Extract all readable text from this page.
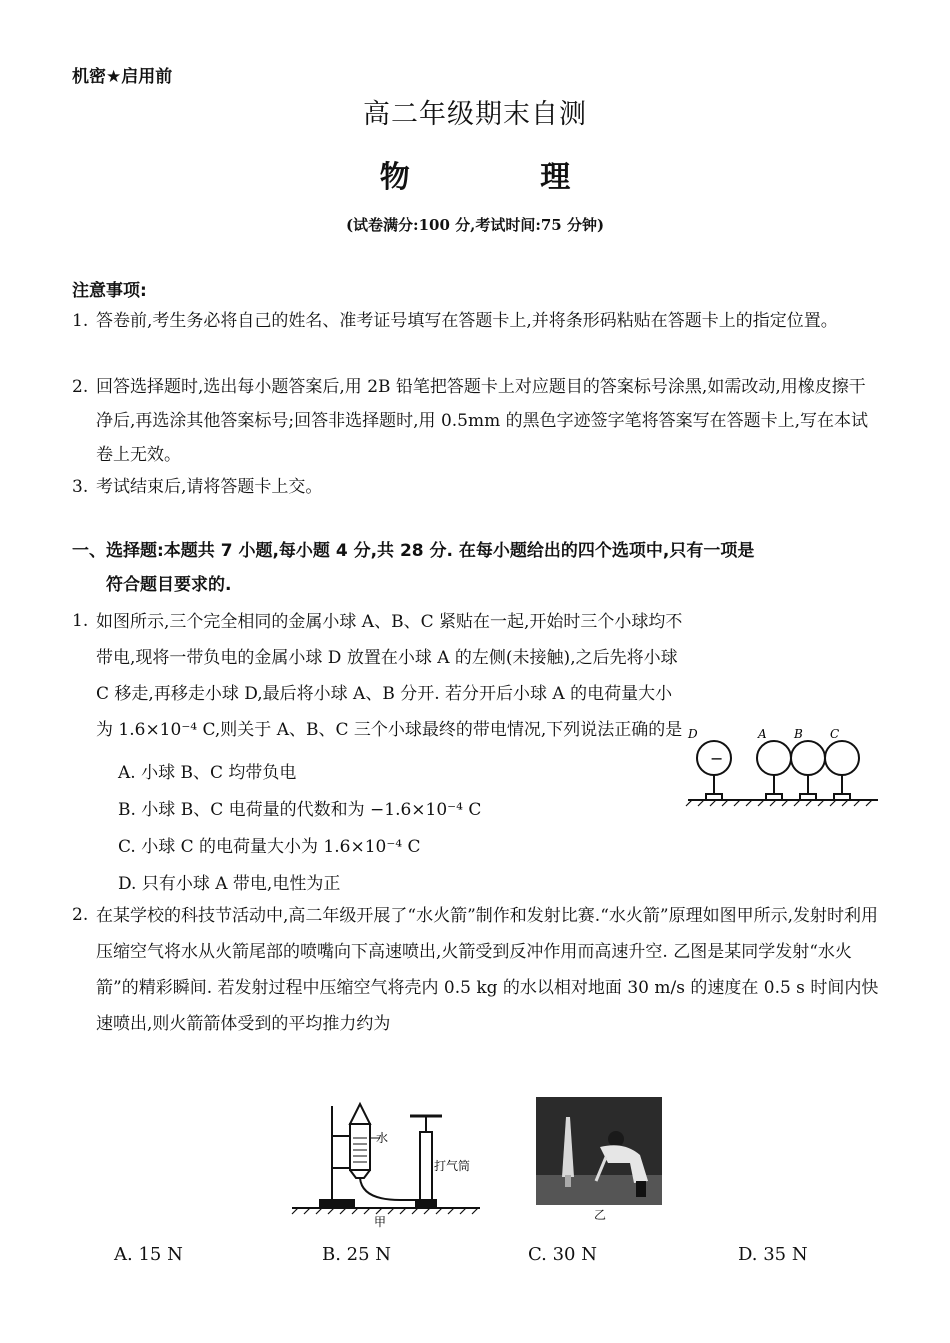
机密★启用前
高二年级期末自测
物 理
(试卷满分:100 分,考试时间:75 分钟)
注意事项:
1. 答卷前,考生务必将自己的姓名、准考证号填写在答题卡上,并将条形码粘贴在答题卡上的指定位置。
2. 回答选择题时,选出每小题答案后,用 2B 铅笔把答题卡上对应题目的答案标号涂黑,如需改动,用橡皮擦干净后,再选涂其他答案标号;回答非选择题时,用 0.5mm 的黑色字迹签字笔将答案写在答题卡上,写在本试卷上无效。
3. 考试结束后,请将答题卡上交。
一、选择题:本题共 7 小题,每小题 4 分,共 28 分. 在每小题给出的四个选项中,只有一项是
符合题目要求的.
1. 如图所示,三个完全相同的金属小球 A、B、C 紧贴在一起,开始时三个小球均不带电,现将一带负电的金属小球 D 放置在小球 A 的左侧(未接触),之后先将小球 C 移走,再移走小球 D,最后将小球 A、B 分开. 若分开后小球 A 的电荷量大小为 1.6×10⁻⁴ C,则关于 A、B、C 三个小球最终的带电情况,下列说法正确的是
A. 小球 B、C 均带负电
B. 小球 B、C 电荷量的代数和为 −1.6×10⁻⁴ C
C. 小球 C 的电荷量大小为 1.6×10⁻⁴ C
D. 只有小球 A 带电,电性为正
−
D	A B C
2. 在某学校的科技节活动中,高二年级开展了“水火箭”制作和发射比赛.“水火箭”原理如图甲所示,发射时利用压缩空气将水从火箭尾部的喷嘴向下高速喷出,火箭受到反冲作用而高速升空. 乙图是某同学发射“水火箭”的精彩瞬间. 若发射过程中压缩空气将壳内 0.5 kg 的水以相对地面 30 m/s 的速度在 0.5 s 时间内快速喷出,则火箭箭体受到的平均推力约为
水
打气筒
甲	乙
A. 15 N	B. 25 N	C. 30 N	D. 35 N
